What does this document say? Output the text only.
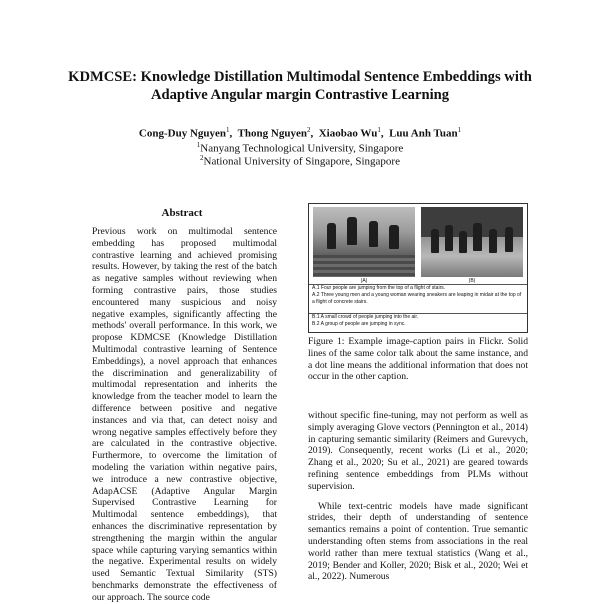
KDMCSE: Knowledge Distillation Multimodal Sentence Embeddings with Adaptive Angular margin Contrastive Learning
Cong-Duy Nguyen$^1$,  Thong Nguyen$^2$,  Xiaobao Wu$^1$,  Luu Anh Tuan$^1$
$^1$Nanyang Technological University, Singapore
$^2$National University of Singapore, Singapore
Abstract
Previous work on multimodal sentence embedding has proposed multimodal contrastive learning and achieved promising results. However, by taking the rest of the batch as negative samples without reviewing when forming contrastive pairs, those studies encountered many suspicious and noisy negative examples, significantly affecting the methods' overall performance. In this work, we propose KDMCSE (Knowledge Distillation Multimodal contrastive learning of Sentence Embeddings), a novel approach that enhances the discrimination and generalizability of multimodal representation and inherits the knowledge from the teacher model to learn the difference between positive and negative instances and via that, can detect noisy and wrong negative samples effectively before they are calculated in the contrastive objective. Furthermore, to overcome the limitation of modeling the variation within negative pairs, we introduce a new contrastive objective, AdapACSE (Adaptive Angular Margin Supervised Contrastive Learning for Multimodal sentence embeddings), that enhances the discriminative representation by strengthening the margin within the angular space while capturing varying semantics within the negative. Experimental results on widely used Semantic Textual Similarity (STS) benchmarks demonstrate the effectiveness of our approach. The source code
(A)	(B)
A.1 Four people are jumping from the top of a flight of stairs.
A.2 Three young men and a young woman wearing sneakers are leaping in midair at the top of a flight of concrete stairs.
B.1 A small crowd of people jumping into the air.
B.2 A group of people are jumping in sync.
Figure 1: Example image-caption pairs in Flickr. Solid lines of the same color talk about the same instance, and a dot line means the additional information that does not occur in the other caption.

without specific fine-tuning, may not perform as well as simply averaging Glove vectors (Pennington et al., 2014) in capturing semantic similarity (Reimers and Gurevych, 2019). Consequently, recent works (Li et al., 2020; Zhang et al., 2020; Su et al., 2021) are geared towards refining sentence embeddings from PLMs without supervision.

While text-centric models have made significant strides, their depth of understanding of sentence semantics remains a point of contention. True semantic understanding often stems from associations in the real world rather than mere textual statistics (Wang et al., 2019; Bender and Koller, 2020; Bisk et al., 2020; Wei et al., 2022). Numerous
